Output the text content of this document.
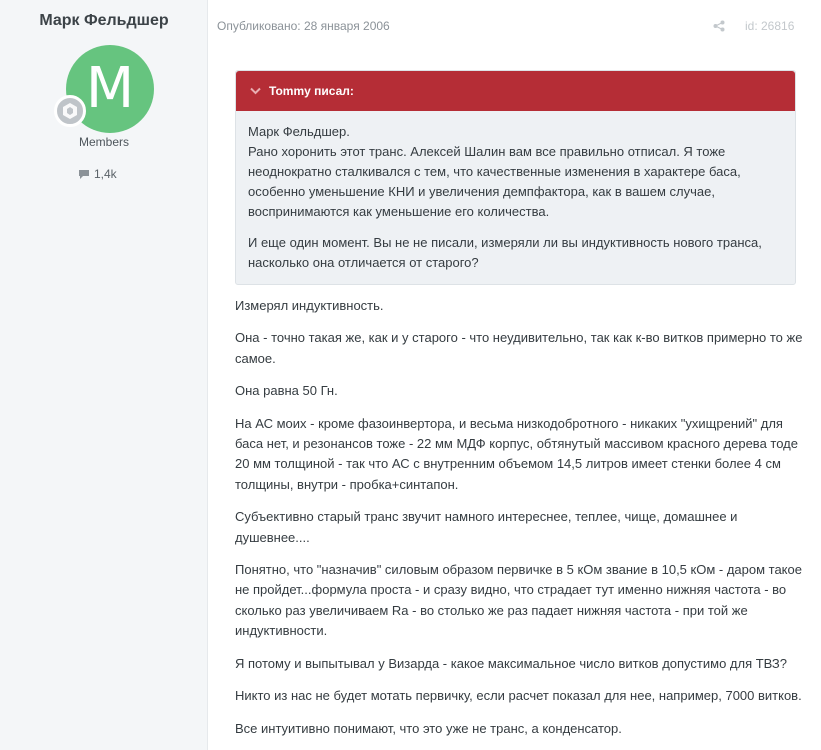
Марк Фельдшер
M
Members
1,4k
Опубликовано: 28 января 2006	id: 26816
Tommy писал:

Марк Фельдшер.
Рано хоронить этот транс. Алексей Шалин вам все правильно отписал. Я тоже неоднократно сталкивался с тем, что качественные изменения в характере баса, особенно уменьшение КНИ и увеличения демпфактора, как в вашем случае, воспринимаются как уменьшение его количества.

И еще один момент. Вы не не писали, измеряли ли вы индуктивность нового транса, насколько она отличается от старого?

Измерял индуктивность.

Она - точно такая же, как и у старого - что неудивительно, так как к-во витков примерно то же самое.

Она равна 50 Гн.

На АС моих - кроме фазоинвертора, и весьма низкодобротного - никаких "ухищрений" для баса нет, и резонансов тоже - 22 мм МДФ корпус, обтянутый массивом красного дерева тоде 20 мм толщиной - так что АС с внутренним объемом 14,5 литров имеет стенки более 4 см толщины, внутри - пробка+синтапон.

Субъективно старый транс звучит намного интереснее, теплее, чище, домашнее и душевнее....

Понятно, что "назначив" силовым образом первичке в 5 кОм звание в 10,5 кОм - даром такое не пройдет...формула проста - и сразу видно, что страдает тут именно нижняя частота - во сколько раз увеличиваем Ra - во столько же раз падает нижняя частота - при той же индуктивности.

Я потому и выпытывал у Визарда - какое максимальное число витков допустимо для ТВЗ?

Никто из нас не будет мотать первичку, если расчет показал для нее, например, 7000 витков.

Все интуитивно понимают, что это уже не транс, а конденсатор.
